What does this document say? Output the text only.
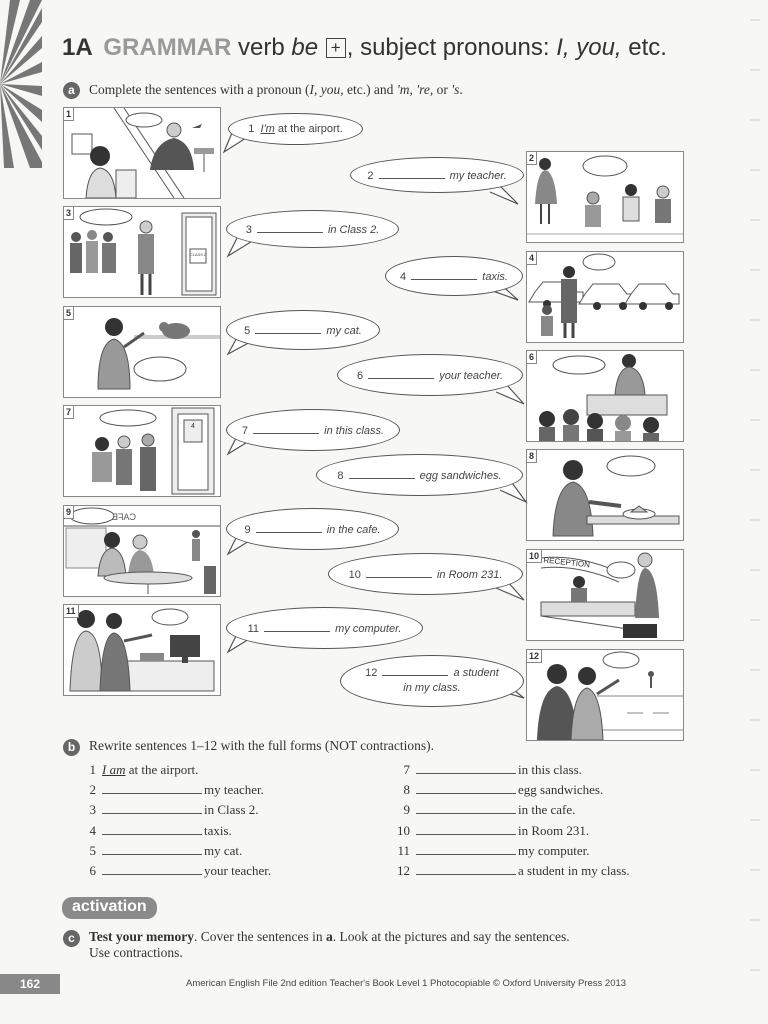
1A GRAMMAR verb be + , subject pronouns: I, you, etc.
a	Complete the sentences with a pronoun (I, you, etc.) and 'm, 're, or 's.
1
3
CLASS 2
5
7
4
9	CAFE
11
2
4
6
8
10 RECEPTION
12
1 I'm at the airport.
2	my teacher.
3	in Class 2.
4	taxis.
5	my cat.
6	your teacher.
7	in this class.
8	egg sandwiches.
9	in the cafe.
10	in Room 231.
11	my computer.
12	a student
in my class.
b	Rewrite sentences 1–12 with the full forms (NOT contractions).
1 I am at the airport.
2	my teacher.
3	in Class 2.
4	taxis.
5	my cat.
6	your teacher.
7	in this class.
8	egg sandwiches.
9	in the cafe.
10	in Room 231.
11	my computer.
12	a student in my class.
activation
c	Test your memory. Cover the sentences in a. Look at the pictures and say the sentences.
Use contractions.
162	American English File 2nd edition Teacher's Book Level 1 Photocopiable © Oxford University Press 2013
